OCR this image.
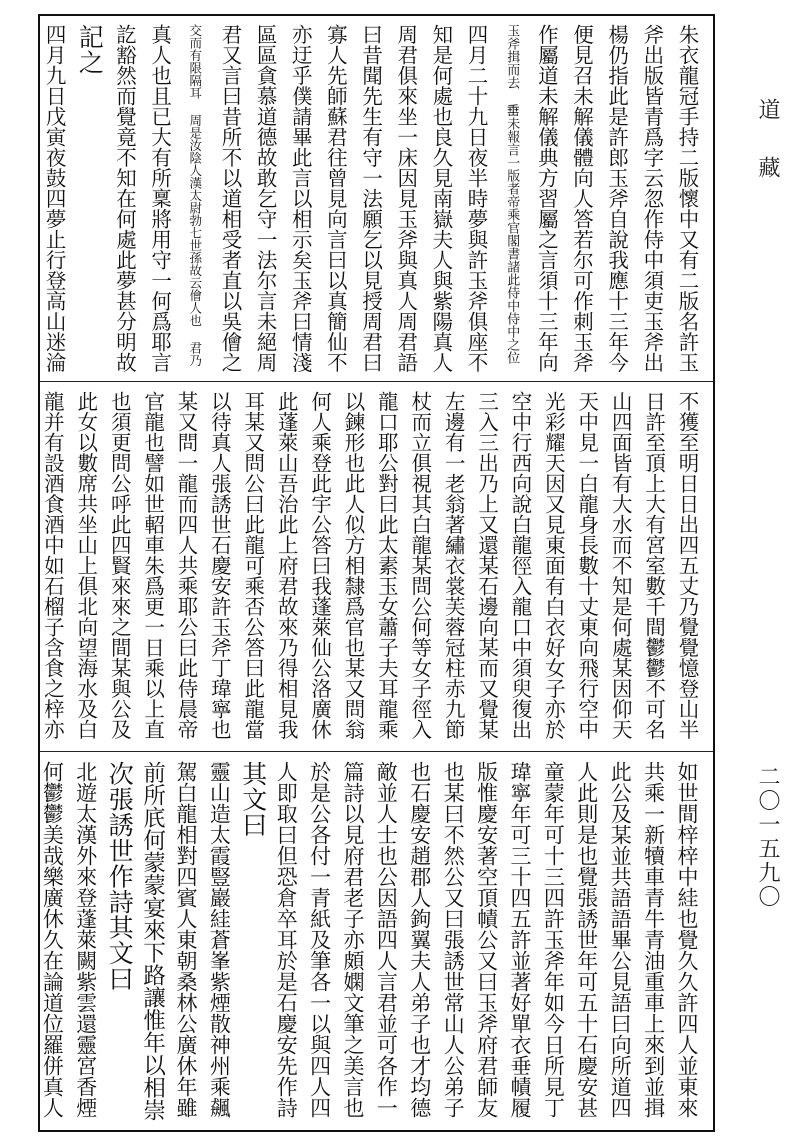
朱衣龍冠手持二版懷中又有二版名許玉
斧出版皆青爲字云忽作侍中須吏玉斧出
楊仍指此是許郎玉斧自說我應十三年今
便見召未解儀體向人答若尔可作刺玉斧
作屬道未解儀典方習屬之言須十三年向
玉斧揖而去 𡸁未報言一版者帝乘官閣書諸此侍中侍中之位
四月二十九日夜半時夢與許玉斧俱座不
知是何處也良久見南嶽夫人與紫陽真人
周君俱來坐一床因見玉斧與真人周君語
曰昔聞先生有守一法願乞以見授周君曰
寡人先師蘇君往曾見向言曰以真簡仙不
亦迂乎僕請畢此言以相示矣玉斧曰情淺
區區貪慕道德故敢乞守一法尔言未絕周
君又言曰昔所不以道相受者直以吳儈之
交而有限隔耳 周是汝陰人漢太尉勃七世孫故云儈人也 君乃
真人也且已大有所稟將用守一何爲耶言
訖豁然而覺竟不知在何處此夢甚分明故
記之
四月九日戊寅夜鼓四夢止行登高山迷淪
不獲至明日日出四五丈乃覺覺憶登山半
日許至頂上大有宮室數千間鬱鬱不可名
山四面皆有大水而不知是何處某因仰天
天中見一白龍身長數十丈東向飛行空中
光彩耀天因又見東面有白衣好女子亦於
空中行西向說白龍徑入龍口中須臾復出
三入三出乃上又還某石邊向某而又覺某
左邊有一老翁著繡衣裳芙蓉冠柱赤九節
杖而立俱視其白龍某問公何等女子徑入
龍口耶公對曰此太素玉女蕭子夫耳龍乘
以鍊形也此人似方相隸爲官也某又問翁
何人乘登此宇公答曰我蓬萊仙公洛廣休
此蓬萊山吾治此上府君故來乃得相見我
耳某又問公曰此龍可乘否公答曰此龍當
以待真人張誘世石慶安許玉斧丁瑋寧也
某又問一龍而四人共乘耶公曰此侍晨帝
官龍也譬如世軺車朱爲更一日乘以上直
也須更問公呼此四賢來來之間某與公及
此女以數席共坐山上俱北向望海水及白
龍并有設酒食酒中如石榴子含食之梓亦
如世間梓梓中絓也覺久久許四人並東來
共乘一新犢車青牛青油重車上來到並揖
此公及某並共語語畢公見語曰向所道四
人此則是也覺張誘世年可五十石慶安甚
童蒙年可十三四許玉斧年如今日所見丁
瑋寧年可三十四五許並著好單衣垂幘履
版惟慶安著空頂幘公又曰玉斧府君師友
也某曰不然公又曰張誘世常山人公弟子
也石慶安趙郡人鉤翼夫人弟子也才均德
敵並人士也公因語四人言君並可各作一
篇詩以見府君老子亦頗嫻文筆之美言也
於是公各付一青紙及筆各一以與四人四
人即取曰但恐倉卒耳於是石慶安先作詩
其文曰
靈山造太霞豎巖絓蒼峯紫煙散神州乘飆
駕白龍相對四賓人東朝桑林公廣休年雖
前所㡳何蒙蒙宴來下路讓惟年以相崇
次張誘世作詩其文曰
北遊太漢外來登蓬萊闕紫雲還靈宮香煙
何鬱鬱美哉樂廣休久在論道位羅併真人
道藏
二〇一五九〇
